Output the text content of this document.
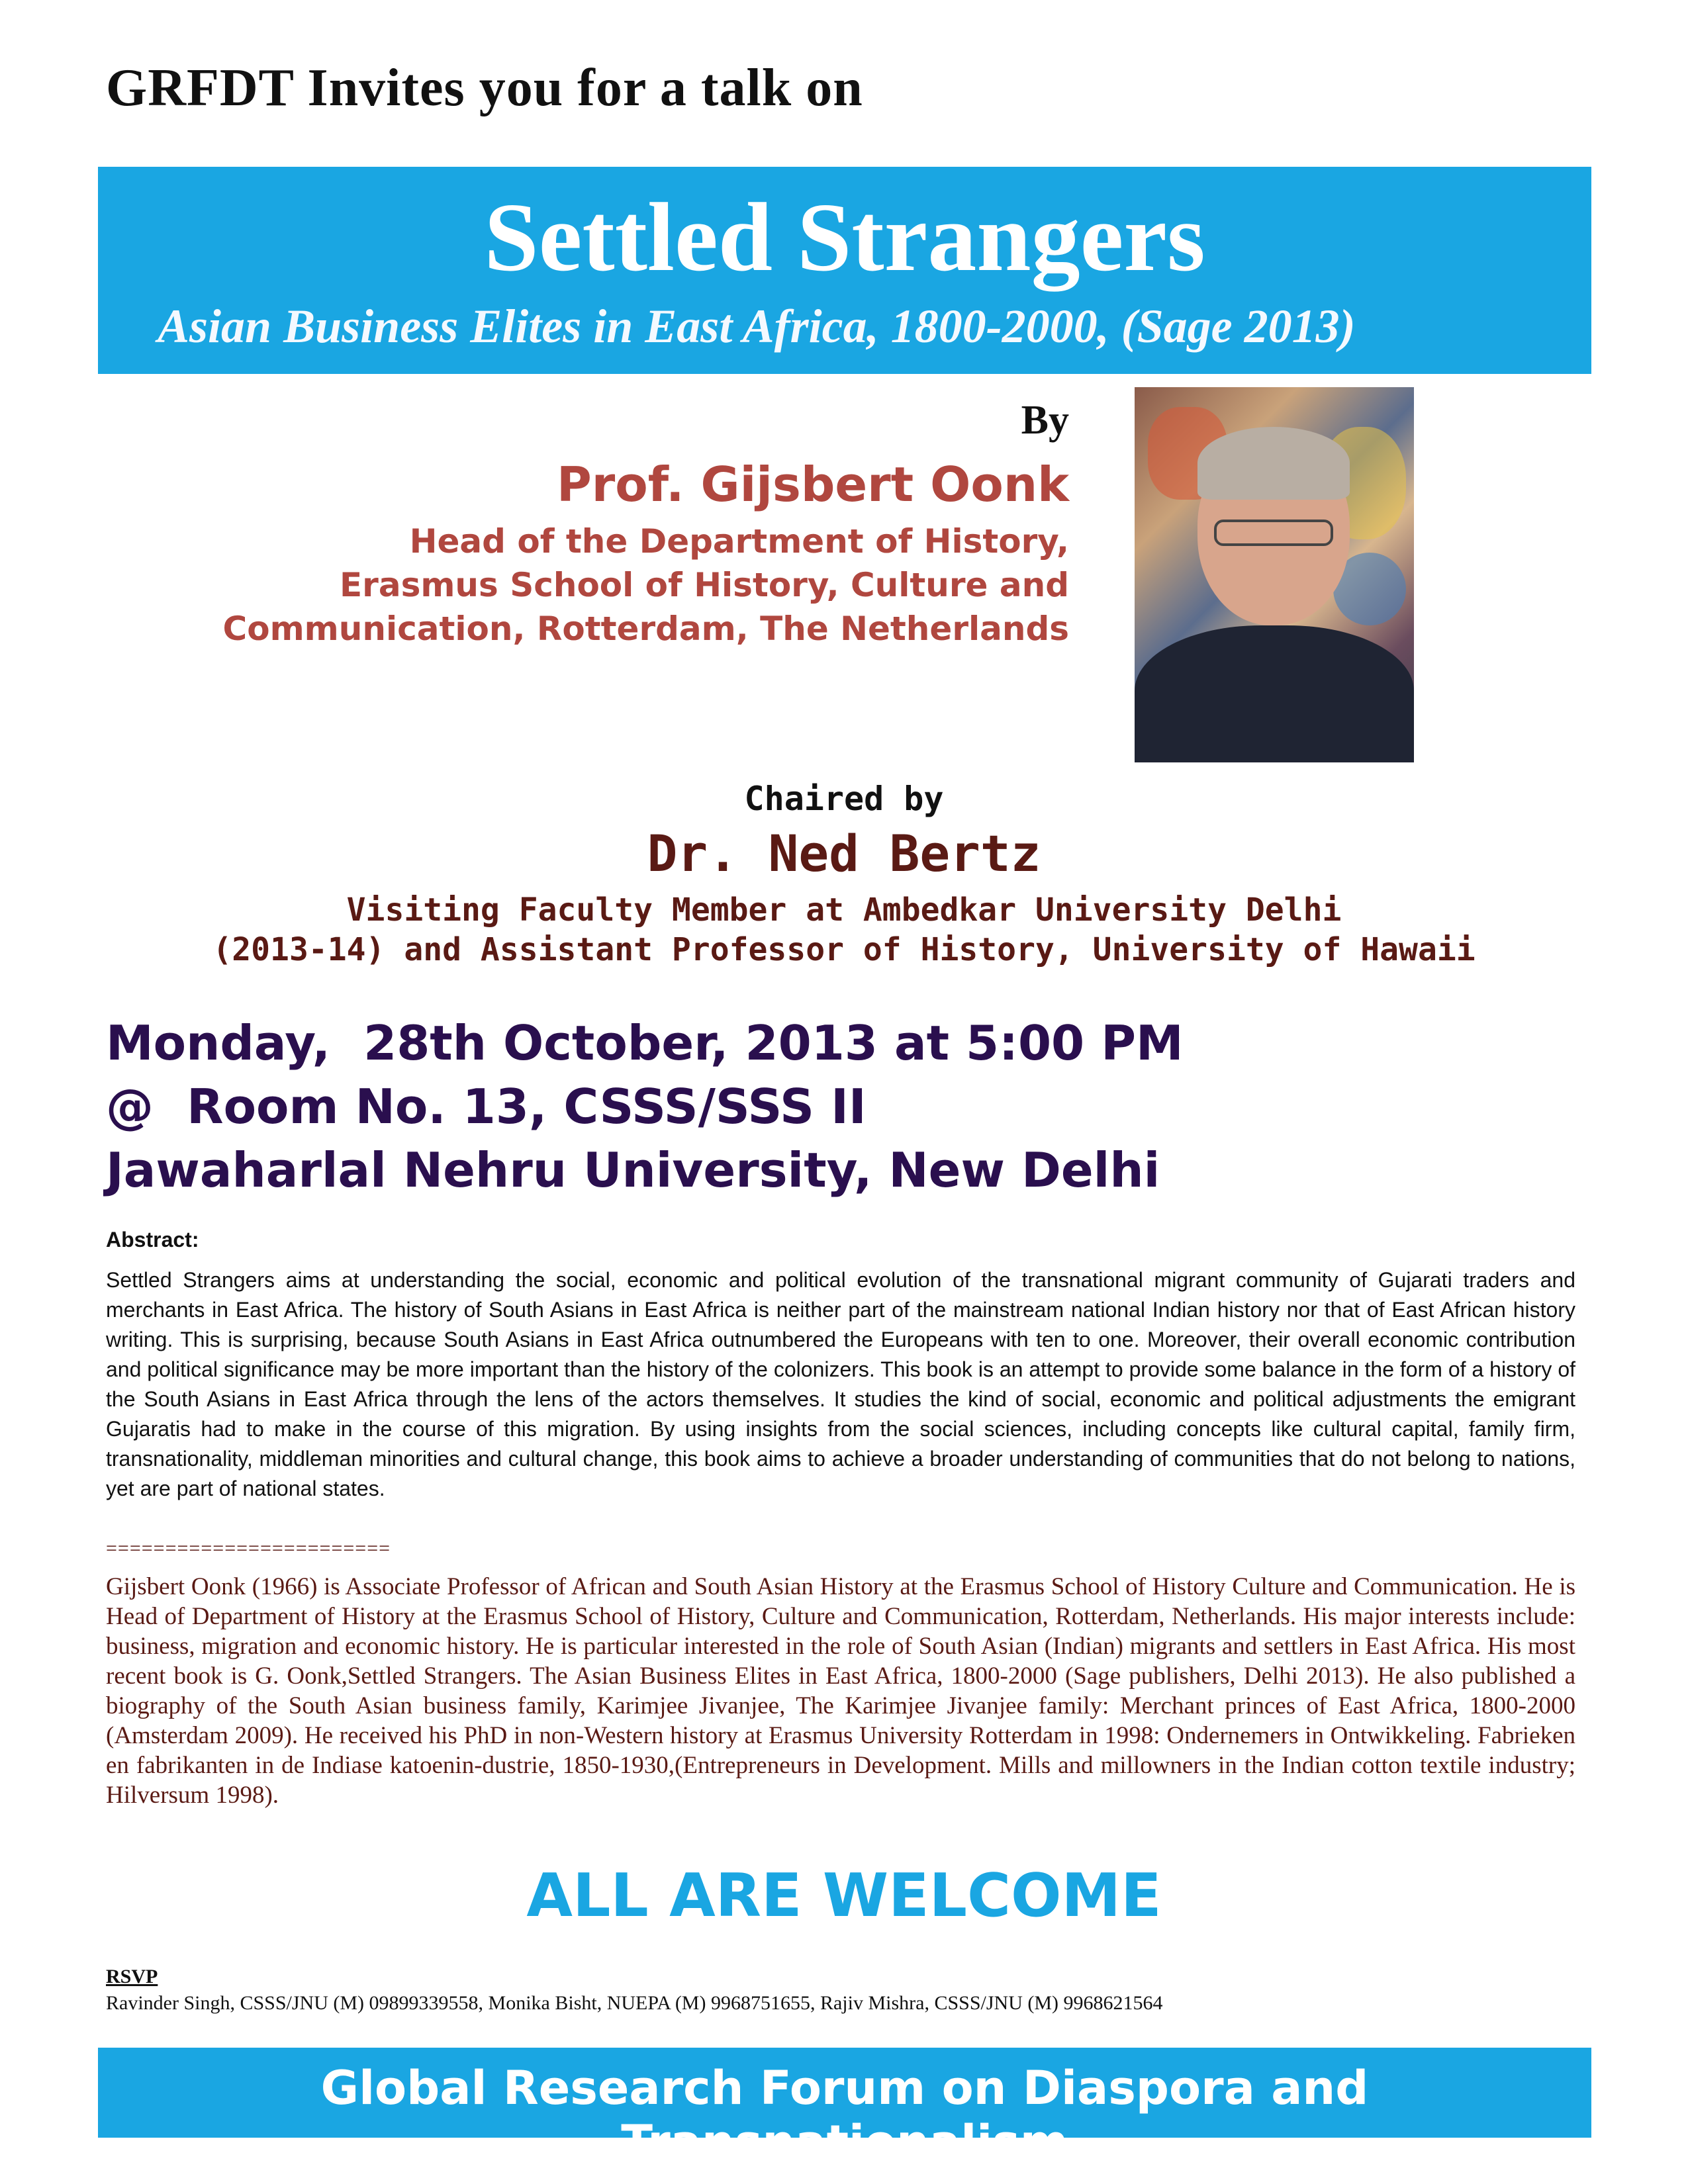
GRFDT Invites you for a talk on
Settled Strangers
Asian Business Elites in East Africa, 1800-2000, (Sage 2013)
By
Prof. Gijsbert Oonk
Head of the Department of History,
Erasmus School of History, Culture and
Communication, Rotterdam, The Netherlands
Chaired by
Dr. Ned Bertz
Visiting Faculty Member at Ambedkar University Delhi
(2013-14) and Assistant Professor of History, University of Hawaii
Monday,  28th October, 2013 at 5:00 PM
@  Room No. 13, CSSS/SSS II
Jawaharlal Nehru University, New Delhi
Abstract:
Settled Strangers aims at understanding the social, economic and political evolution of the transnational migrant community of Gujarati traders and merchants in East Africa. The history of South Asians in East Africa is neither part of the mainstream national Indian history nor that of East African history writing. This is surprising, because South Asians in East Africa outnumbered the Europeans with ten to one. Moreover, their overall economic contribution and political significance may be more important than the history of the colonizers. This book is an attempt to provide some balance in the form of a history of the South Asians in East Africa through the lens of the actors themselves. It studies the kind of social, economic and political adjustments the emigrant Gujaratis had to make in the course of this migration. By using insights from the social sciences, including concepts like cultural capital, family firm, transnationality, middleman minorities and cultural change, this book aims to achieve a broader understanding of communities that do not belong to nations, yet are part of national states.
========================
Gijsbert Oonk (1966) is Associate Professor of African and South Asian History at the Erasmus School of History Culture and Communication. He is Head of Department of History at the Erasmus School of History, Culture and Communication, Rotterdam, Netherlands. His major interests include: business, migration and economic history. He is particular interested in the role of South Asian (Indian) migrants and settlers in East Africa. His most recent book is G. Oonk,Settled Strangers. The Asian Business Elites in East Africa, 1800-2000 (Sage publishers, Delhi 2013). He also published a biography of the South Asian business family, Karimjee Jivanjee, The Karimjee Jivanjee family: Merchant princes of East Africa, 1800-2000 (Amsterdam 2009). He received his PhD in non-Western history at Erasmus University Rotterdam in 1998: Ondernemers in Ontwikkeling. Fabrieken en fabrikanten in de Indiase katoenin-dustrie, 1850-1930,(Entrepreneurs in Development. Mills and millowners in the Indian cotton textile industry; Hilversum 1998).
ALL ARE WELCOME
RSVP
Ravinder Singh, CSSS/JNU (M) 09899339558, Monika Bisht, NUEPA (M) 9968751655, Rajiv Mishra, CSSS/JNU (M) 9968621564
Global Research Forum on Diaspora and Transnationalism
